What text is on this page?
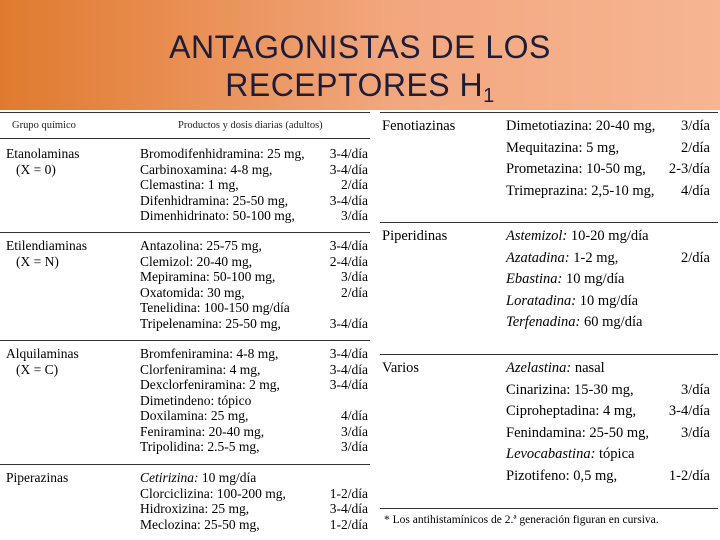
ANTAGONISTAS DE LOS
RECEPTORES $H_1$
Grupo químico	Productos y dosis diarias (adultos)
Etanolaminas
(X = 0)
Bromodifenhidramina: 25 mg, 3-4/día
Carbinoxamina: 4-8 mg,	3-4/día
Clemastina: 1 mg,	2/día
Difenhidramina: 25-50 mg,	3-4/día
Dimenhidrinato: 50-100 mg,	3/día
Etilendiaminas
(X = N)
Antazolina: 25-75 mg,	3-4/día
Clemizol: 20-40 mg,	2-4/día
Mepiramina: 50-100 mg,	3/día
Oxatomida: 30 mg,	2/día
Tenelidina: 100-150 mg/día
Tripelenamina: 25-50 mg,	3-4/día
Alquilaminas
(X = C)
Bromfeniramina: 4-8 mg,	3-4/día
Clorfeniramina: 4 mg,	3-4/día
Dexclorfeniramina: 2 mg,	3-4/día
Dimetindeno: tópico
Doxilamina: 25 mg,	4/día
Feniramina: 20-40 mg,	3/día
Tripolidina: 2.5-5 mg,	3/día
Piperazinas	Cetirizina: 10 mg/día
Clorciclizina: 100-200 mg,	1-2/día
Hidroxizina: 25 mg,	3-4/día
Meclozina: 25-50 mg,	1-2/día
Fenotiazinas	Dimetotiazina: 20-40 mg, 3/día
Mequitazina: 5 mg,	2/día
Prometazina: 10-50 mg, 2-3/día
Trimeprazina: 2,5-10 mg, 4/día
Piperidinas	Astemizol: 10-20 mg/día
Azatadina: 1-2 mg,	2/día
Ebastina: 10 mg/día
Loratadina: 10 mg/día
Terfenadina: 60 mg/día
Varios	Azelastina: nasal
Cinarizina: 15-30 mg,	3/día
Ciproheptadina: 4 mg, 3-4/día
Fenindamina: 25-50 mg, 3/día
Levocabastina: tópica
Pizotifeno: 0,5 mg,	1-2/día
* Los antihistamínicos de 2.ª generación figuran en cursiva.
